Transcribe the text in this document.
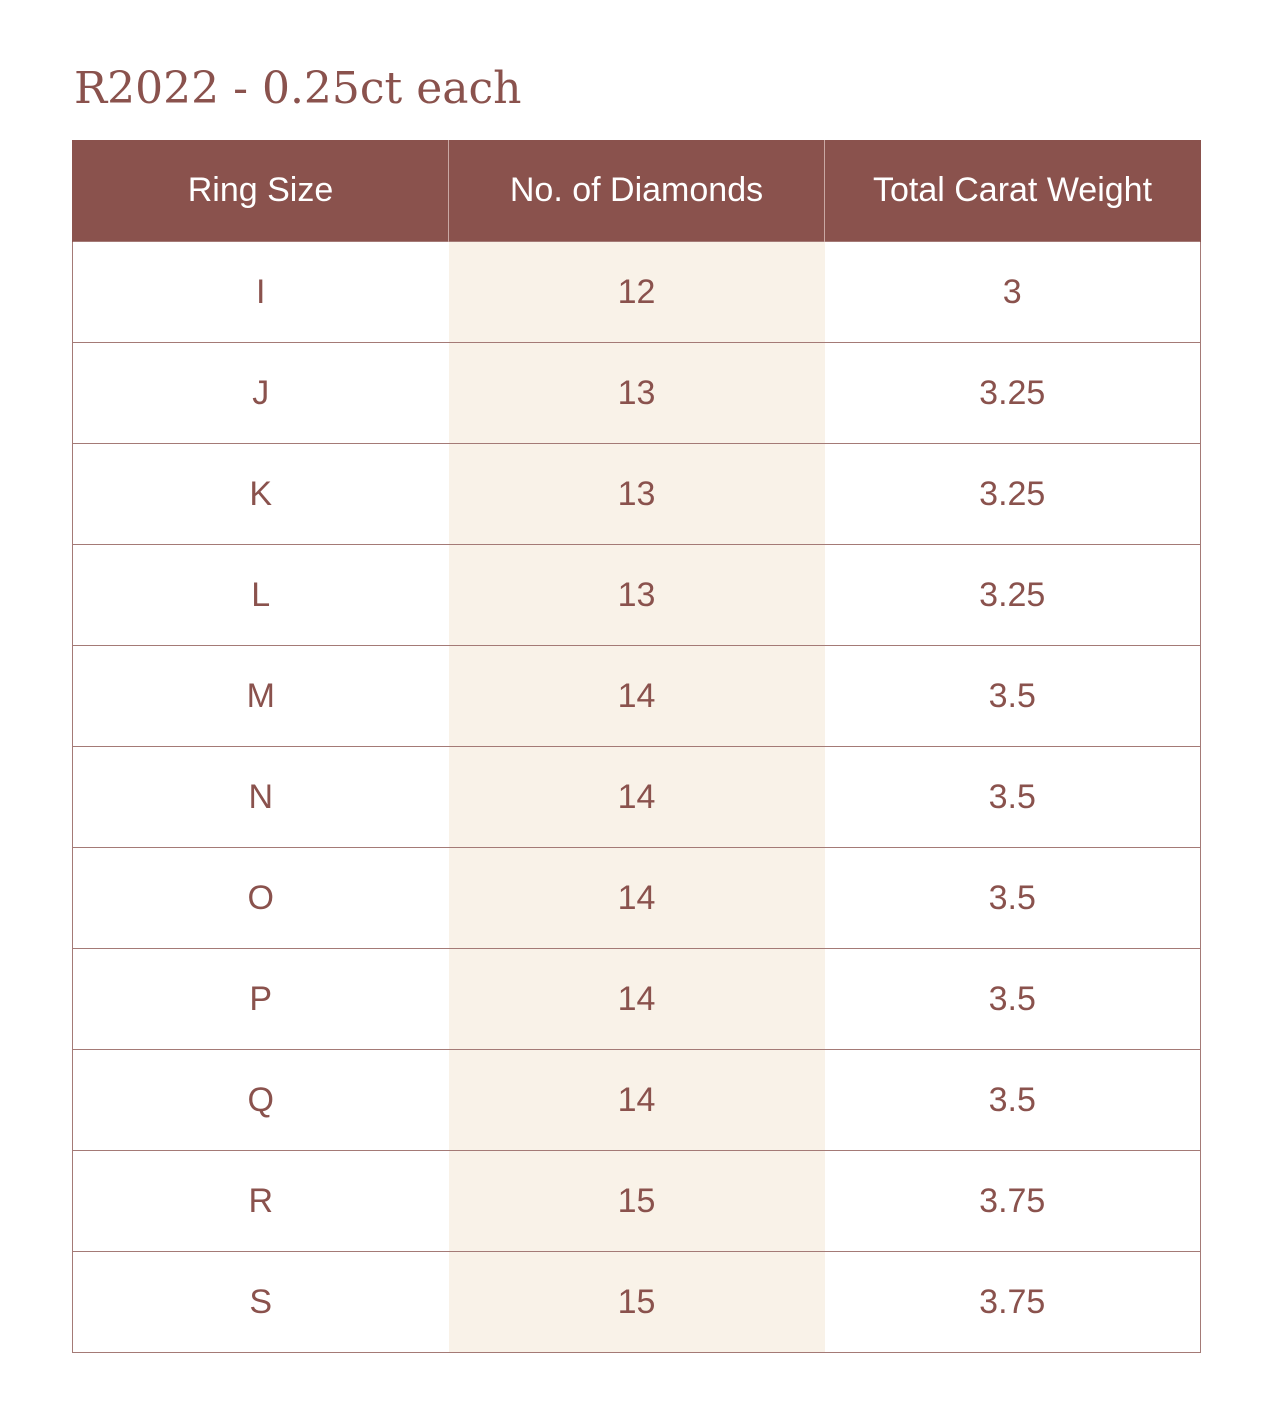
R2022 - 0.25ct each
Ring Size	No. of Diamonds	Total Carat Weight
I	12	3
J	13	3.25
K	13	3.25
L	13	3.25
M	14	3.5
N	14	3.5
O	14	3.5
P	14	3.5
Q	14	3.5
R	15	3.75
S	15	3.75
